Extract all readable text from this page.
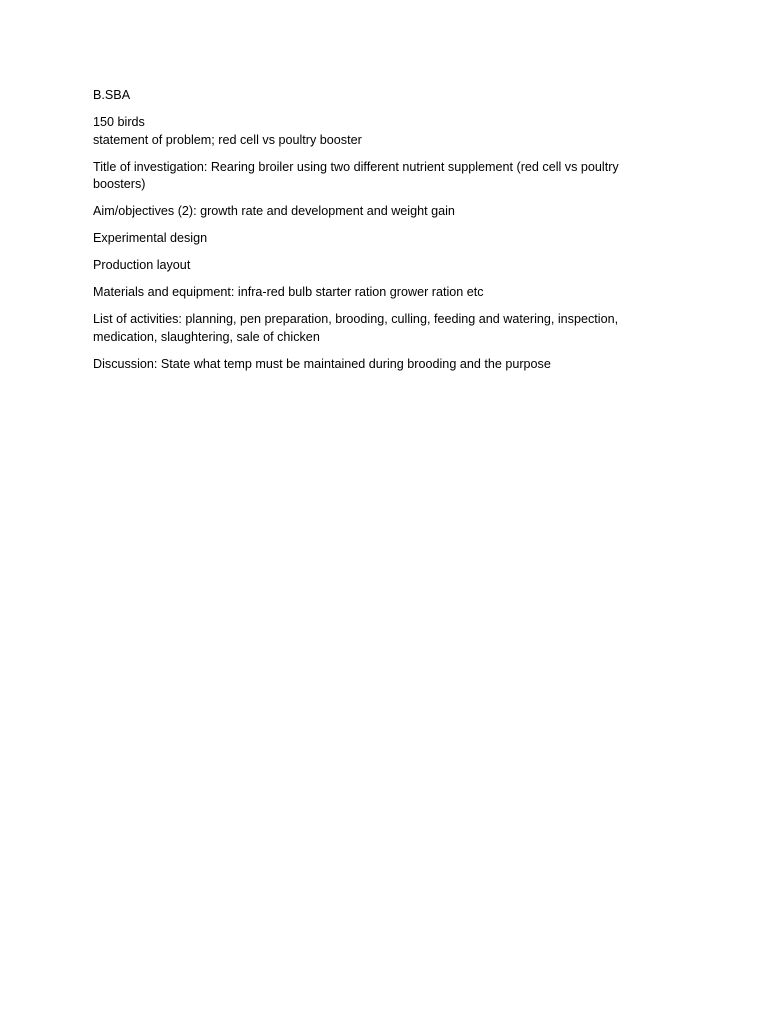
B.SBA

150 birds
statement of problem; red cell vs poultry booster

Title of investigation: Rearing broiler using two different nutrient supplement (red cell vs poultry boosters)

Aim/objectives (2): growth rate and development and weight gain

Experimental design

Production layout

Materials and equipment: infra-red bulb starter ration grower ration etc

List of activities: planning, pen preparation, brooding, culling, feeding and watering, inspection, medication, slaughtering, sale of chicken

Discussion: State what temp must be maintained during brooding and the purpose
